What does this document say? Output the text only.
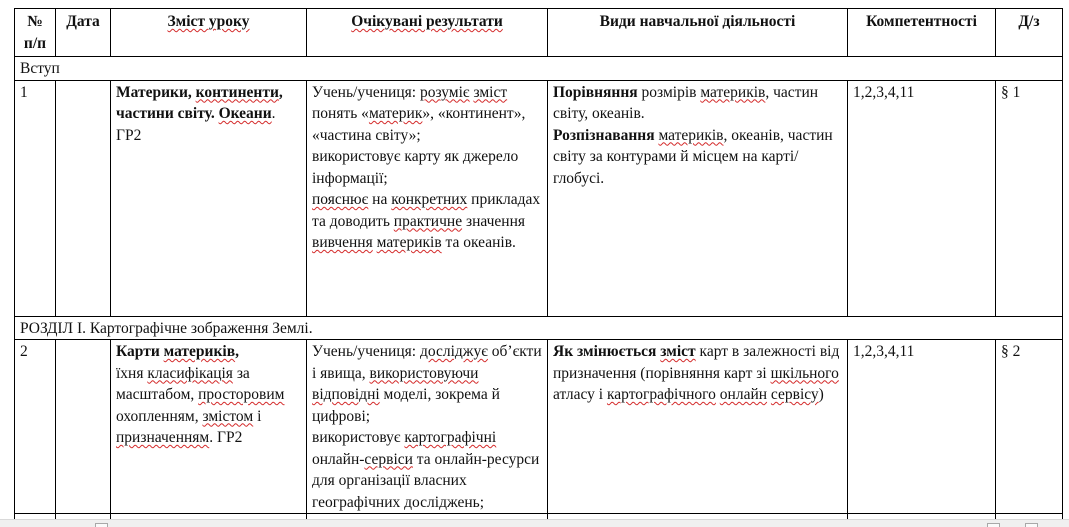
№ п/п	Дата	Зміст уроку	Очікувані результати	Види навчальної діяльності	Компетентності	Д/з
Вступ						
1		Материки, континенти, частини світу. Океани. ГР2	Учень/учениця: розуміє зміст понять «материк», «континент», «частина світу»;
використовує карту як джерело інформації;
пояснює на конкретних прикладах та доводить практичне значення вивчення материків та океанів.	Порівняння розмірів материків, частин світу, океанів.
Розпізнавання материків, океанів, частин світу за контурами й місцем на карті/глобусі.	1,2,3,4,11	§ 1
РОЗДІЛ І. Картографічне зображення Землі.						
2		Карти материків,
їхня класифікація за масштабом, просторовим охопленням, змістом і призначенням. ГР2	Учень/учениця: досліджує об’єкти і явища, використовуючи відповідні моделі, зокрема й цифрові;
використовує картографічні онлайн-сервіси та онлайн-ресурси для організації власних географічних досліджень;	Як змінюється зміст карт в залежності від призначення (порівняння карт зі шкільного атласу і картографічного онлайн сервісу)	1,2,3,4,11	§ 2
